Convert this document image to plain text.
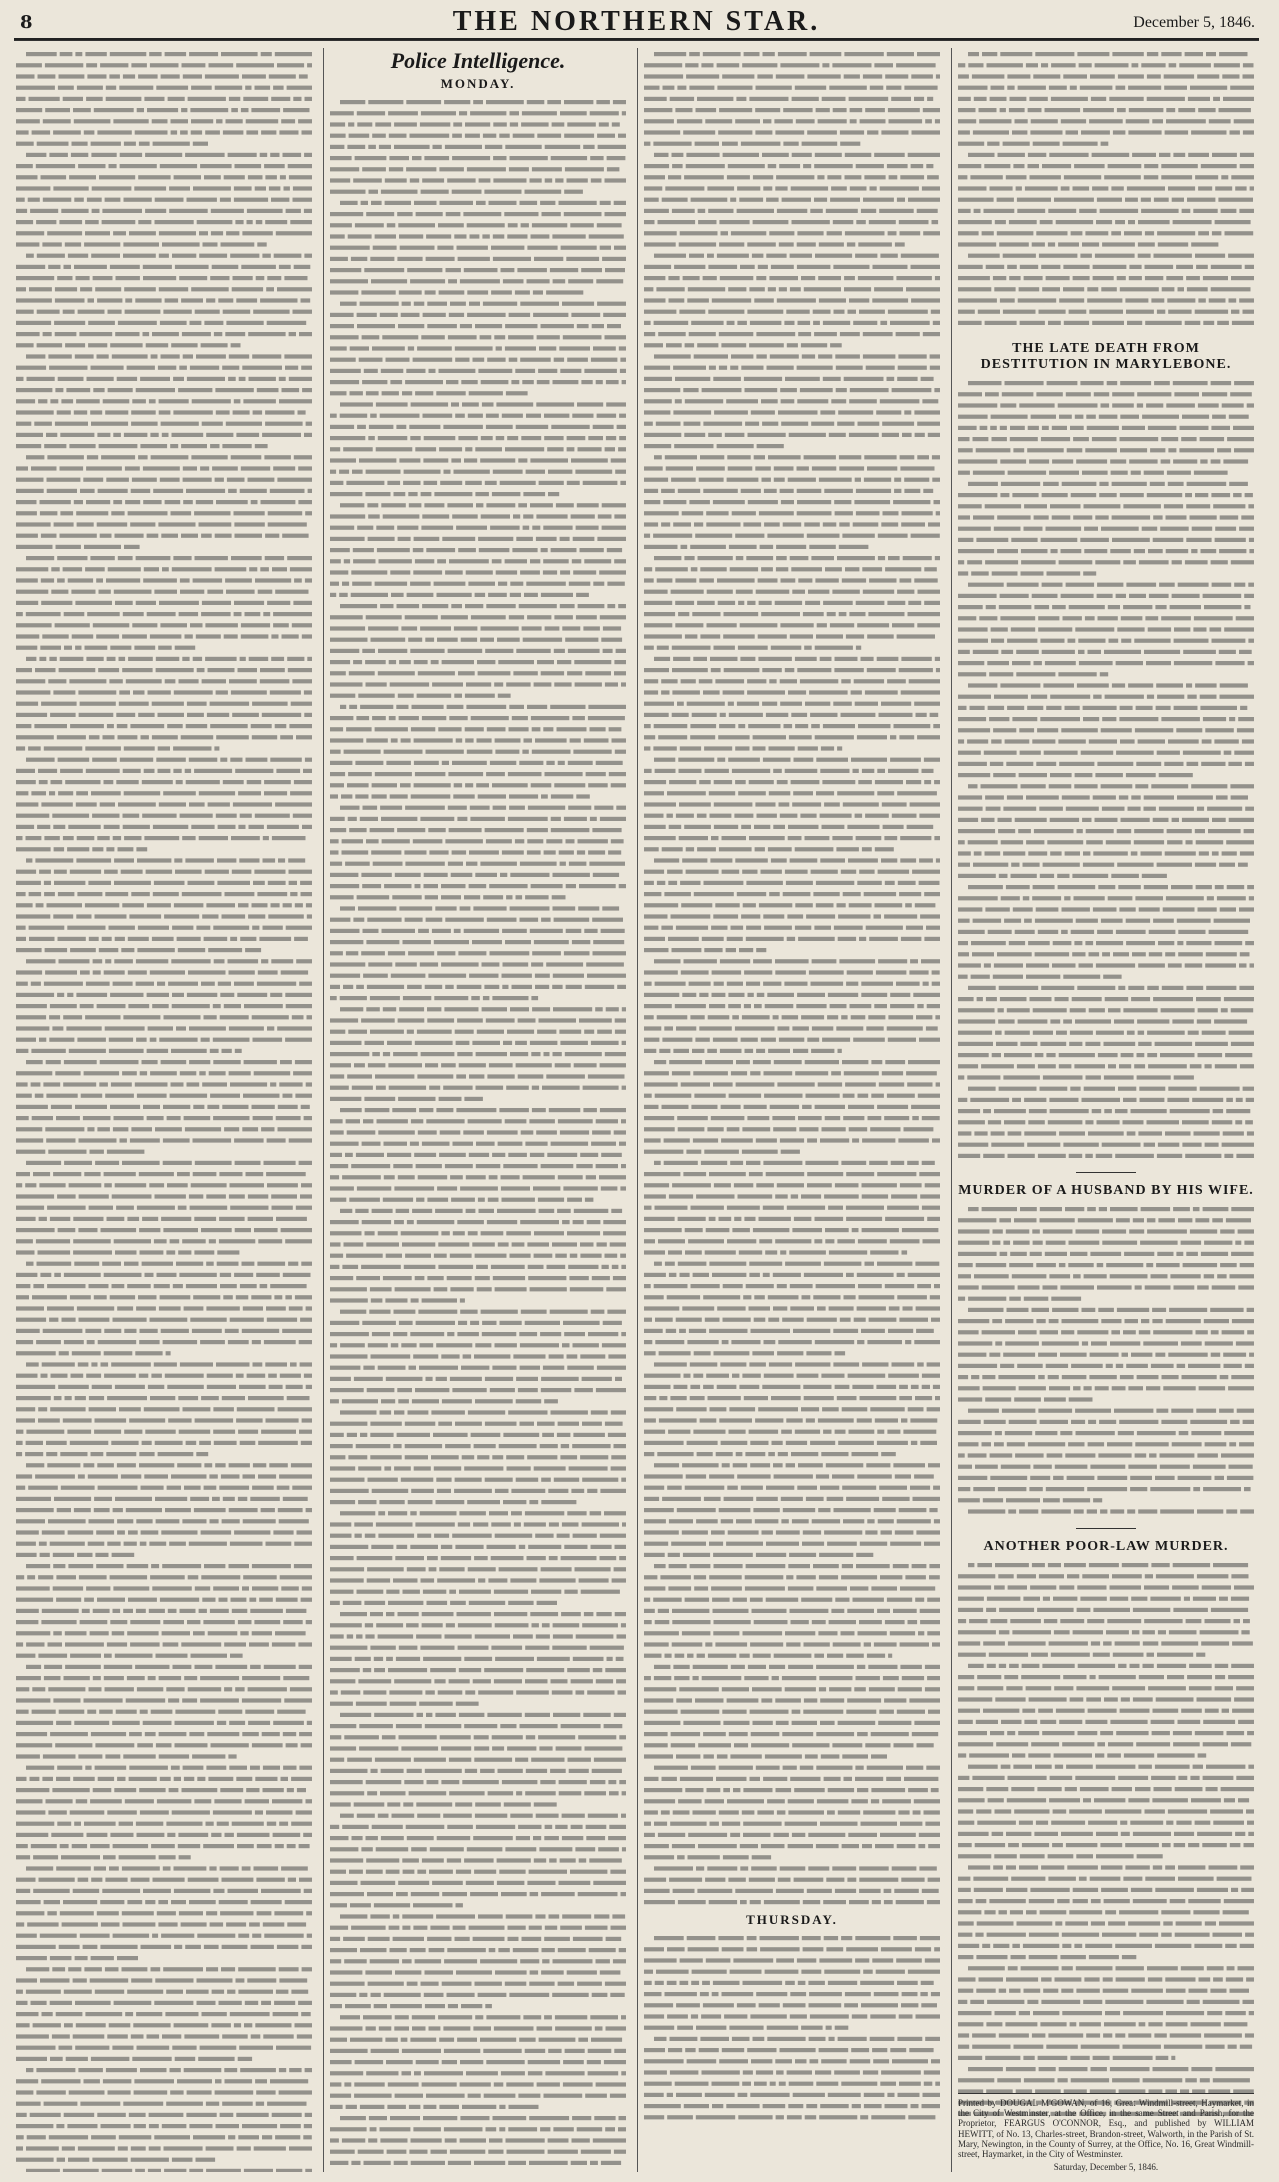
8	THE NORTHERN STAR.	December 5, 1846.
Police Intelligence.
MONDAY.
THURSDAY.
THE LATE DEATH FROM DESTITUTION IN MARYLEBONE.
MURDER OF A HUSBAND BY HIS WIFE.
ANOTHER POOR-LAW MURDER.
Printed by DOUGAL M'GOWAN, of 16, Great Windmill-street, Haymarket, in the City of Westminster, at the Office, in the same Street and Parish, for the Proprietor, FEARGUS O'CONNOR, Esq., and published by WILLIAM HEWITT, of No. 13, Charles-street, Brandon-street, Walworth, in the Parish of St. Mary, Newington, in the County of Surrey, at the Office, No. 16, Great Windmill-street, Haymarket, in the City of Westminster.
Saturday, December 5, 1846.
